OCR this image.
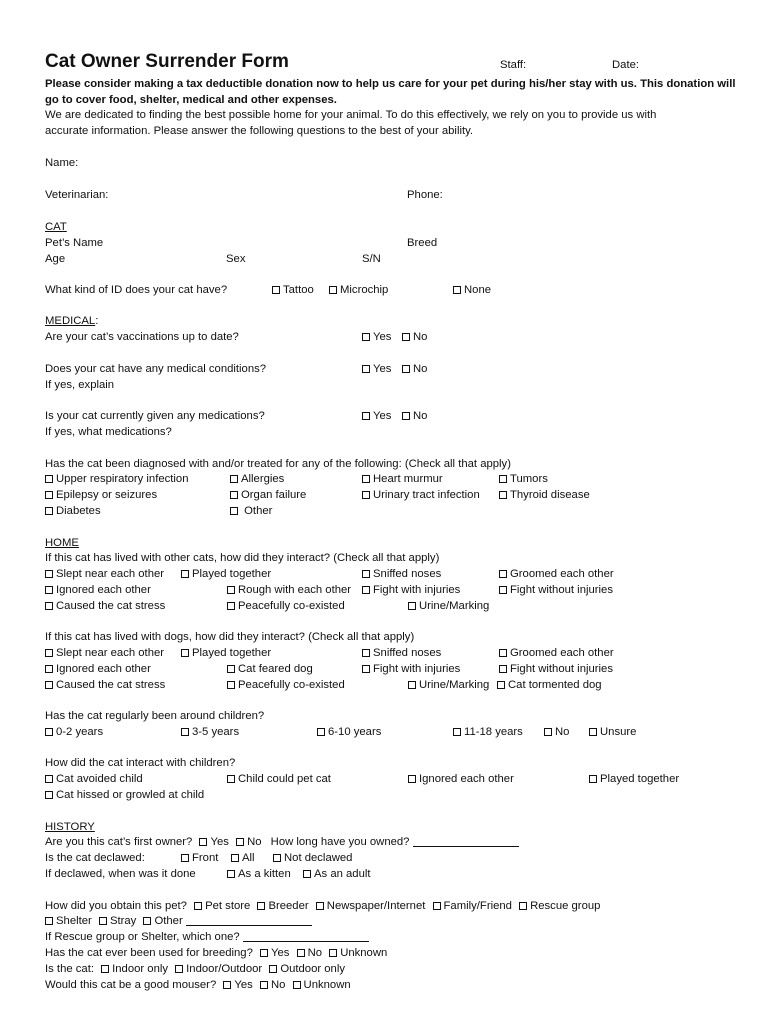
Cat Owner Surrender Form	Staff:	Date:
Please consider making a tax deductible donation now to help us care for your pet during his/her stay with us. This donation will
go to cover food, shelter, medical and other expenses.
We are dedicated to finding the best possible home for your animal. To do this effectively, we rely on you to provide us with
accurate information. Please answer the following questions to the best of your ability.
Name:
Veterinarian:	Phone:
CAT
Pet’s Name	Breed
Age	Sex	S/N
What kind of ID does your cat have?	Tattoo	Microchip	None
MEDICAL:
Are your cat’s vaccinations up to date?	Yes	No
Does your cat have any medical conditions?	Yes	No
If yes, explain
Is your cat currently given any medications?	Yes	No
If yes, what medications?
Has the cat been diagnosed with and/or treated for any of the following: (Check all that apply)
Upper respiratory infection	Allergies	Heart murmur	Tumors
Epilepsy or seizures	Organ failure	Urinary tract infection	Thyroid disease
Diabetes	Other
HOME
If this cat has lived with other cats, how did they interact? (Check all that apply)
Slept near each other	Played together	Sniffed noses	Groomed each other
Ignored each other	Rough with each other	Fight with injuries	Fight without injuries
Caused the cat stress	Peacefully co-existed	Urine/Marking
If this cat has lived with dogs, how did they interact? (Check all that apply)
Slept near each other	Played together	Sniffed noses	Groomed each other
Ignored each other	Cat feared dog	Fight with injuries	Fight without injuries
Caused the cat stress	Peacefully co-existed	Urine/Marking	Cat tormented dog
Has the cat regularly been around children?
0-2 years	3-5 years	6-10 years	11-18 years	No	Unsure
How did the cat interact with children?
Cat avoided child	Child could pet cat	Ignored each other	Played together
Cat hissed or growled at child
HISTORY
Are you this cat’s first owner? Yes No How long have you owned?
Is the cat declawed:	Front	All	Not declawed
If declawed, when was it done	As a kitten	As an adult
How did you obtain this pet? Pet store Breeder Newspaper/Internet Family/Friend Rescue group
Shelter Stray Other
If Rescue group or Shelter, which one?
Has the cat ever been used for breeding? Yes No Unknown
Is the cat: Indoor only Indoor/Outdoor Outdoor only
Would this cat be a good mouser? Yes No Unknown
